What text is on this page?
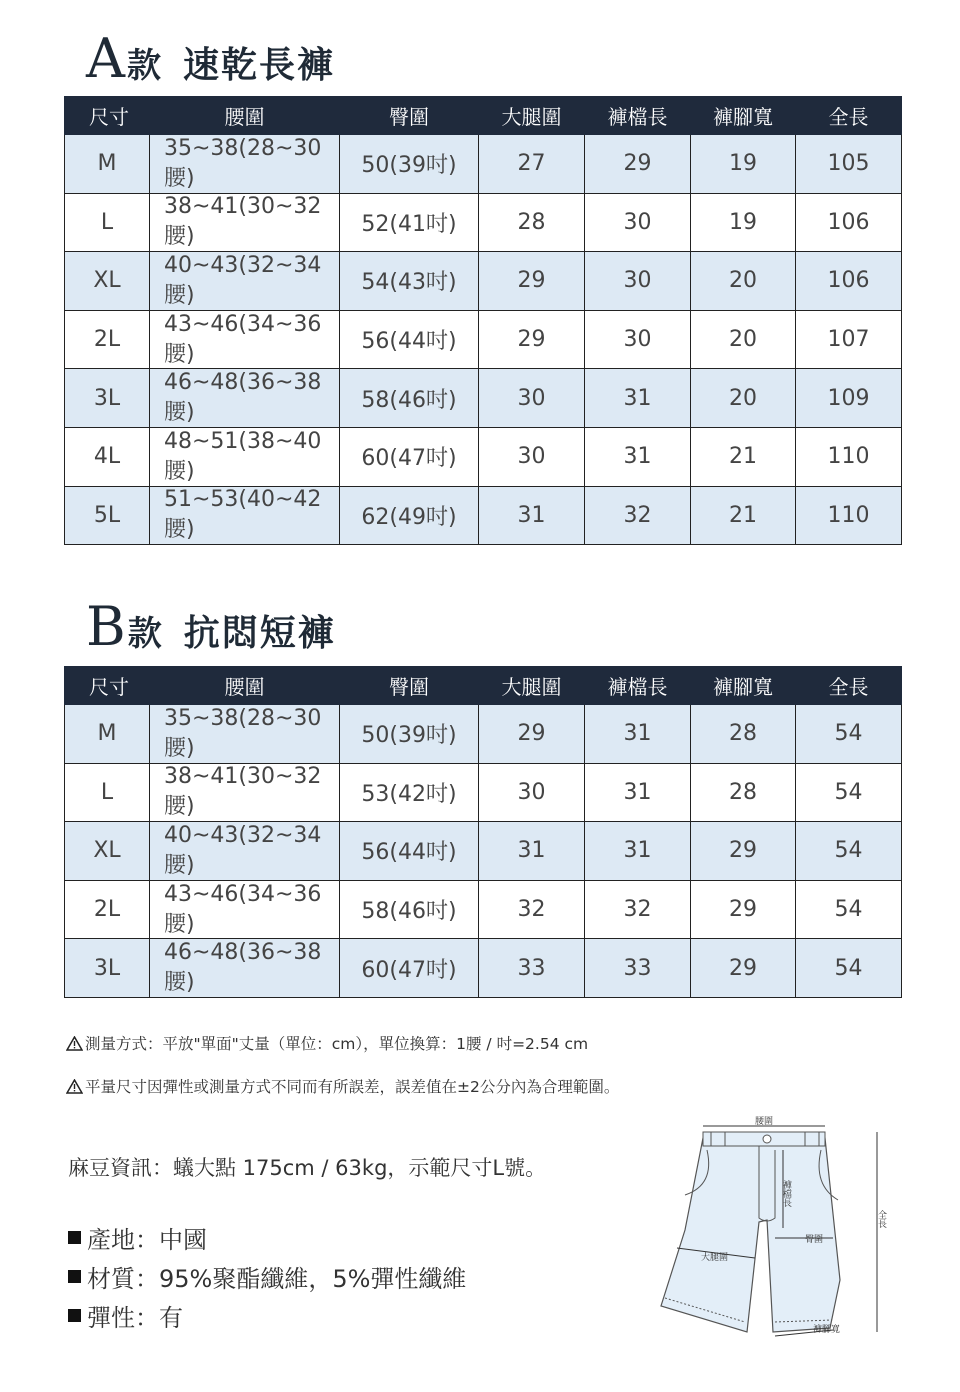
A 款 速乾長褲
尺寸	腰圍	臀圍	大腿圍	褲檔長	褲腳寬	全長
M	35~38(28~30腰)	50(39吋)	27	29	19	105
L	38~41(30~32腰)	52(41吋)	28	30	19	106
XL	40~43(32~34腰)	54(43吋)	29	30	20	106
2L	43~46(34~36腰)	56(44吋)	29	30	20	107
3L	46~48(36~38腰)	58(46吋)	30	31	20	109
4L	48~51(38~40腰)	60(47吋)	30	31	21	110
5L	51~53(40~42腰)	62(49吋)	31	32	21	110
B 款 抗悶短褲
尺寸	腰圍	臀圍	大腿圍	褲檔長	褲腳寬	全長
M	35~38(28~30腰)	50(39吋)	29	31	28	54
L	38~41(30~32腰)	53(42吋)	30	31	28	54
XL	40~43(32~34腰)	56(44吋)	31	31	29	54
2L	43~46(34~36腰)	58(46吋)	32	32	29	54
3L	46~48(36~38腰)	60(47吋)	33	33	29	54
測量方式：平放"單面"丈量（單位：cm），單位換算：1腰 / 吋=2.54 cm
平量尺寸因彈性或測量方式不同而有所誤差，誤差值在±2公分內為合理範圍。
麻豆資訊：蟻大點 175cm / 63kg，示範尺寸L號。
產地：中國
材質：95%聚酯纖維，5%彈性纖維
彈性：有
腰圍
臀圍
大腿圍
褲腳寬
褲檔長
全長
